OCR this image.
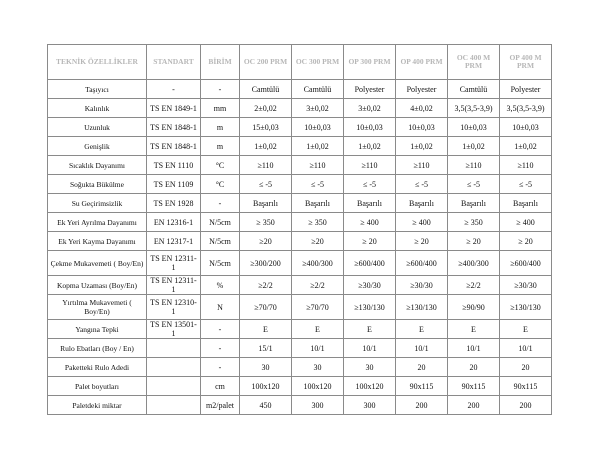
TEKNİK ÖZELLİKLER	STANDART	BİRİM	OC 200 PRM	OC 300 PRM	OP 300 PRM	OP 400 PRM	OC 400 M PRM	OP 400 M PRM
Taşıyıcı	-	-	Camtülü	Camtülü	Polyester	Polyester	Camtülü	Polyester
Kalınlık	TS EN 1849-1	mm	2±0,02	3±0,02	3±0,02	4±0,02	3,5(3,5-3,9)	3,5(3,5-3,9)
Uzunluk	TS EN 1848-1	m	15±0,03	10±0,03	10±0,03	10±0,03	10±0,03	10±0,03
Genişlik	TS EN 1848-1	m	1±0,02	1±0,02	1±0,02	1±0,02	1±0,02	1±0,02
Sıcaklık Dayanımı	TS EN 1110	°C	≥110	≥110	≥110	≥110	≥110	≥110
Soğukta Bükülme	TS EN 1109	°C	≤ -5	≤ -5	≤ -5	≤ -5	≤ -5	≤ -5
Su Geçirimsizlik	TS EN 1928	-	Başarılı	Başarılı	Başarılı	Başarılı	Başarılı	Başarılı
Ek Yeri Ayrılma Dayanımı	EN 12316-1	N/5cm	≥ 350	≥ 350	≥ 400	≥ 400	≥ 350	≥ 400
Ek Yeri Kayma Dayanımı	EN 12317-1	N/5cm	≥20	≥20	≥ 20	≥ 20	≥ 20	≥ 20
Çekme Mukavemeti ( Boy/En)	TS EN 12311-1	N/5cm	≥300/200	≥400/300	≥600/400	≥600/400	≥400/300	≥600/400
Kopma Uzaması (Boy/En)	TS EN 12311-1	%	≥2/2	≥2/2	≥30/30	≥30/30	≥2/2	≥30/30
Yırtılma Mukavemeti ( Boy/En)	TS EN 12310-1	N	≥70/70	≥70/70	≥130/130	≥130/130	≥90/90	≥130/130
Yangına Tepki	TS EN 13501-1	-	E	E	E	E	E	E
Rulo Ebatları (Boy / En)		-	15/1	10/1	10/1	10/1	10/1	10/1
Paketteki Rulo Adedi		-	30	30	30	20	20	20
Palet boyutları		cm	100x120	100x120	100x120	90x115	90x115	90x115
Paletdeki miktar		m2/palet	450	300	300	200	200	200
